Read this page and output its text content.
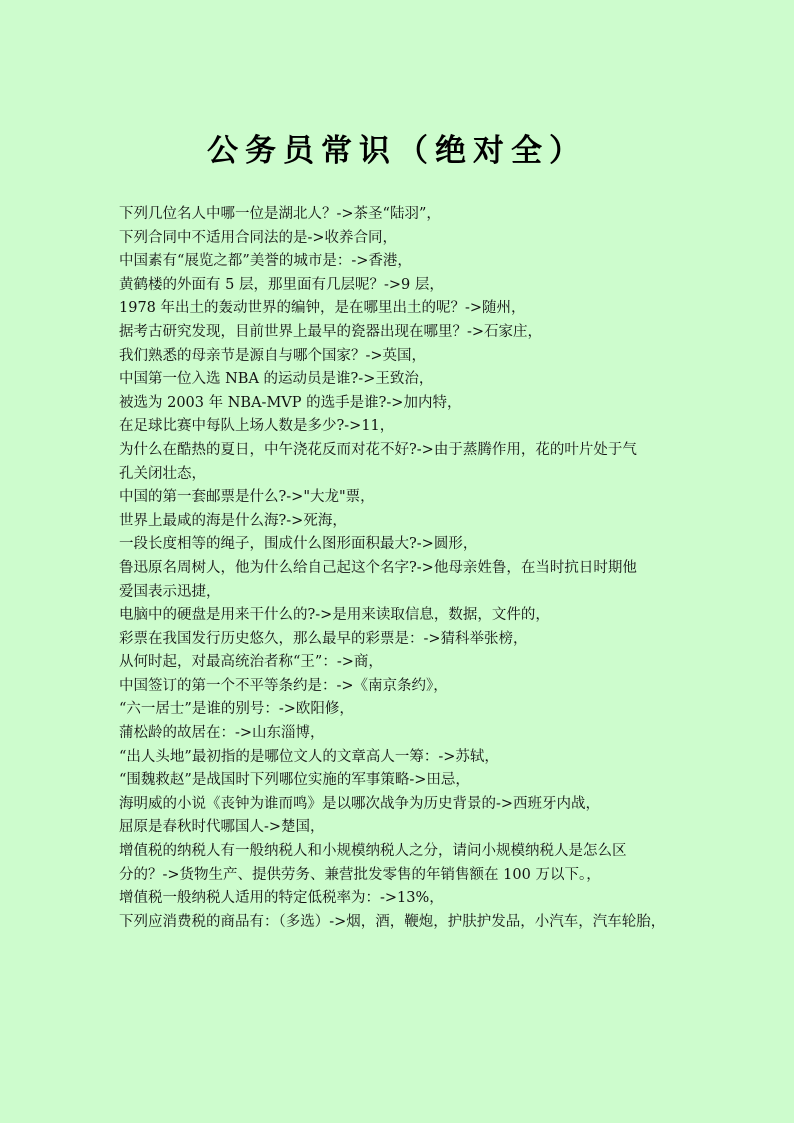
公务员常识（绝对全）
下列几位名人中哪一位是湖北人？->茶圣“陆羽”，
下列合同中不适用合同法的是->收养合同，
中国素有“展览之都”美誉的城市是：->香港，
黄鹤楼的外面有 5 层，那里面有几层呢？->9 层，
1978 年出土的轰动世界的编钟，是在哪里出土的呢？->随州，
据考古研究发现，目前世界上最早的瓷器出现在哪里？->石家庄，
我们熟悉的母亲节是源自与哪个国家？->英国，
中国第一位入选 NBA 的运动员是谁?->王致治，
被选为 2003 年 NBA-MVP 的选手是谁?->加内特，
在足球比赛中每队上场人数是多少?->11，
为什么在酷热的夏日，中午浇花反而对花不好?->由于蒸腾作用，花的叶片处于气
孔关闭壮态，
中国的第一套邮票是什么?->"大龙"票，
世界上最咸的海是什么海?->死海，
一段长度相等的绳子，围成什么图形面积最大?->圆形，
鲁迅原名周树人，他为什么给自己起这个名字?->他母亲姓鲁，在当时抗日时期他
爱国表示迅捷，
电脑中的硬盘是用来干什么的?->是用来读取信息，数据，文件的，
彩票在我国发行历史悠久，那么最早的彩票是：->猜科举张榜，
从何时起，对最高统治者称“王”：->商，
中国签订的第一个不平等条约是：->《南京条约》，
“六一居士”是谁的别号：->欧阳修，
蒲松龄的故居在：->山东淄博，
“出人头地”最初指的是哪位文人的文章高人一筹：->苏轼，
“围魏救赵”是战国时下列哪位实施的军事策略->田忌，
海明威的小说《丧钟为谁而鸣》是以哪次战争为历史背景的->西班牙内战，
屈原是春秋时代哪国人->楚国，
增值税的纳税人有一般纳税人和小规模纳税人之分，请问小规模纳税人是怎么区
分的？->货物生产、提供劳务、兼营批发零售的年销售额在 100 万以下。，
增值税一般纳税人适用的特定低税率为：->13%，
下列应消费税的商品有：（多选）->烟，酒，鞭炮，护肤护发品，小汽车，汽车轮胎，
